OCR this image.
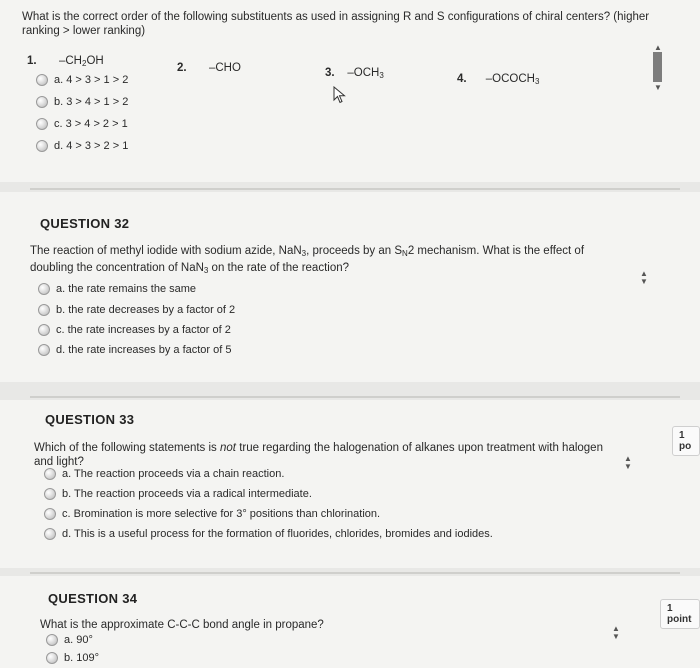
What is the correct order of the following substituents as used in assigning R and S configurations of chiral centers? (higher ranking > lower ranking)
1. $-CH_2OH$
2. –CHO	3. $-OCH_3$	4. $-OCOCH_3$
a. 4 > 3 > 1 > 2
b. 3 > 4 > 1 > 2
c. 3 > 4 > 2 > 1
d. 4 > 3 > 2 > 1
▲
▼
QUESTION 32
The reaction of methyl iodide with sodium azide, NaN$_3$, proceeds by an $S_N2$ mechanism. What is the effect of doubling the concentration of NaN$_3$ on the rate of the reaction?
a. the rate remains the same
b. the rate decreases by a factor of 2
c. the rate increases by a factor of 2
d. the rate increases by a factor of 5
▲
▼
QUESTION 33
1 po
Which of the following statements is not true regarding the halogenation of alkanes upon treatment with halogen and light?
a. The reaction proceeds via a chain reaction.
b. The reaction proceeds via a radical intermediate.
c. Bromination is more selective for 3° positions than chlorination.
d. This is a useful process for the formation of fluorides, chlorides, bromides and iodides.
▲
▼
QUESTION 34
1 point
What is the approximate C-C-C bond angle in propane?
a. 90°
b. 109°
▲
▼
